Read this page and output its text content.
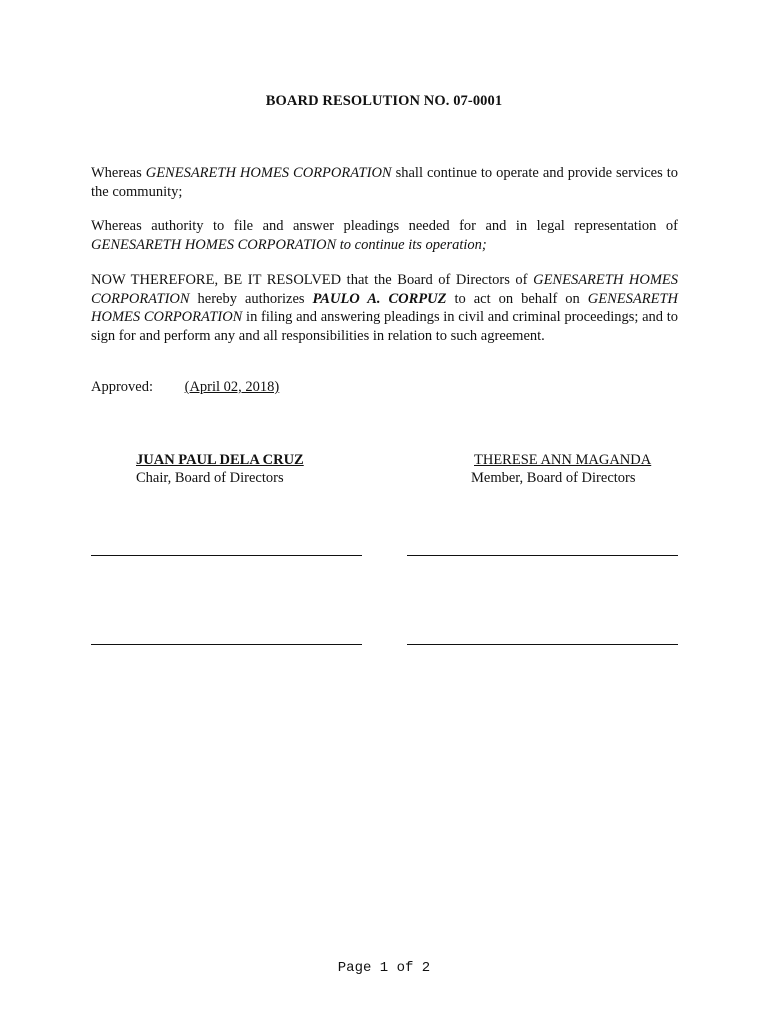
BOARD RESOLUTION NO. 07-0001
Whereas GENESARETH HOMES CORPORATION shall continue to operate and provide services to the community;
Whereas authority to file and answer pleadings needed for and in legal representation of GENESARETH HOMES CORPORATION to continue its operation;
NOW THEREFORE, BE IT RESOLVED that the Board of Directors of GENESARETH HOMES CORPORATION hereby authorizes PAULO A. CORPUZ to act on behalf on GENESARETH HOMES CORPORATION in filing and answering pleadings in civil and criminal proceedings; and to sign for and perform any and all responsibilities in relation to such agreement.
Approved: (April 02, 2018)
JUAN PAUL DELA CRUZ
Chair, Board of Directors
THERESE ANN MAGANDA
Member, Board of Directors
Page 1 of 2
